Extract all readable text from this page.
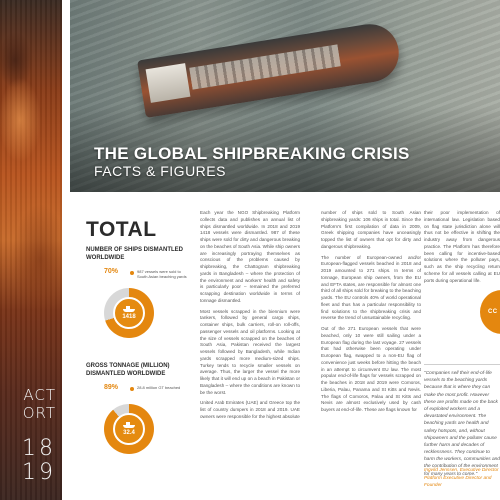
ACT
ORT
18
19
THE GLOBAL SHIPBREAKING CRISIS
FACTS & FIGURES
TOTAL
NUMBER OF SHIPS DISMANTLED WORLDWIDE
70%	987 vessels were sold to South Asian beaching yards
1418
GROSS TONNAGE (MILLION) DISMANTLED WORLDWIDE
89%	28.8 million GT beached
32.4

Each year the NGO Shipbreaking Platform collects data and publishes an annual list of ships dismantled worldwide. In 2018 and 2019 1418 vessels were dismantled. 987 of these ships were sold for dirty and dangerous breaking on the beaches of South Asia. While ship owners are increasingly portraying themselves as conscious of the problems caused by shipbreaking, the Chattogram shipbreaking yards in Bangladesh – where the protection of the environment and workers' health and safety is particularly poor – remained the preferred scrapping destination worldwide in terms of tonnage dismantled.

Most vessels scrapped in the biennium were tankers, followed by general cargo ships, container ships, bulk carriers, roll-on roll-offs, passenger vessels and oil platforms. Looking at the size of vessels scrapped on the beaches of South Asia, Pakistan received the largest vessels followed by Bangladesh, while Indian yards scrapped more medium-sized ships. Turkey tends to recycle smaller vessels on average. Thus, the larger the vessel the more likely that it will end up on a beach in Pakistan or Bangladesh – where the conditions are known to be the worst.

United Arab Emirates (UAE) and Greece top the list of country dumpers in 2018 and 2019. UAE owners were responsible for the highest absolute

number of ships sold to South Asian shipbreaking yards: 106 ships in total. Since the Platform's first compilation of data in 2009, Greek shipping companies have unceasingly topped the list of owners that opt for dirty and dangerous shipbreaking.

The number of European-owned and/or European-flagged vessels beached in 2018 and 2019 amounted to 271 ships. In terms of tonnage, European ship owners, from the EU and EFTA states, are responsible for almost one third of all ships sold for breaking to the beaching yards. The EU controls 40% of world operational fleet and thus has a particular responsibility to find solutions to the shipbreaking crisis and reverse the trend of unsustainable recycling.

Out of the 271 European vessels that were beached, only 10 were still sailing under a European flag during the last voyage. 27 vessels that had otherwise been operating under European flag, swapped to a non-EU flag of convenience just weeks before hitting the beach in an attempt to circumvent EU law. The most popular end-of-life flags for vessels scrapped on the beaches in 2018 and 2019 were Comoros, Liberia, Palau, Panama and St Kitts and Nevis. The flags of Comoros, Palau and St Kitts and Nevis are almost exclusively used by cash buyers at end-of-life. These are flags known for

their poor implementation of international law. Legislation based on flag state jurisdiction alone will thus not be effective in shifting the industry away from dangerous practice. The Platform has therefore been calling for incentive-based solutions where the polluter pays, such as the ship recycling return scheme for all vessels calling at EU ports during operational life.

CC
"Companies sell their end-of-life vessels to the beaching yards because that is where they can make the most profit. However these are profits made on the back of exploited workers and a devastated environment. The beaching yards are health and safety hotspots, and, without shipowners and the polluter cause further harm and decades of recklessness. They continue to harm the workers, communities and the contribution of the environment for many years to come."
Ingvild Jenssen, Executive Director
Platform Executive Director and Founder
